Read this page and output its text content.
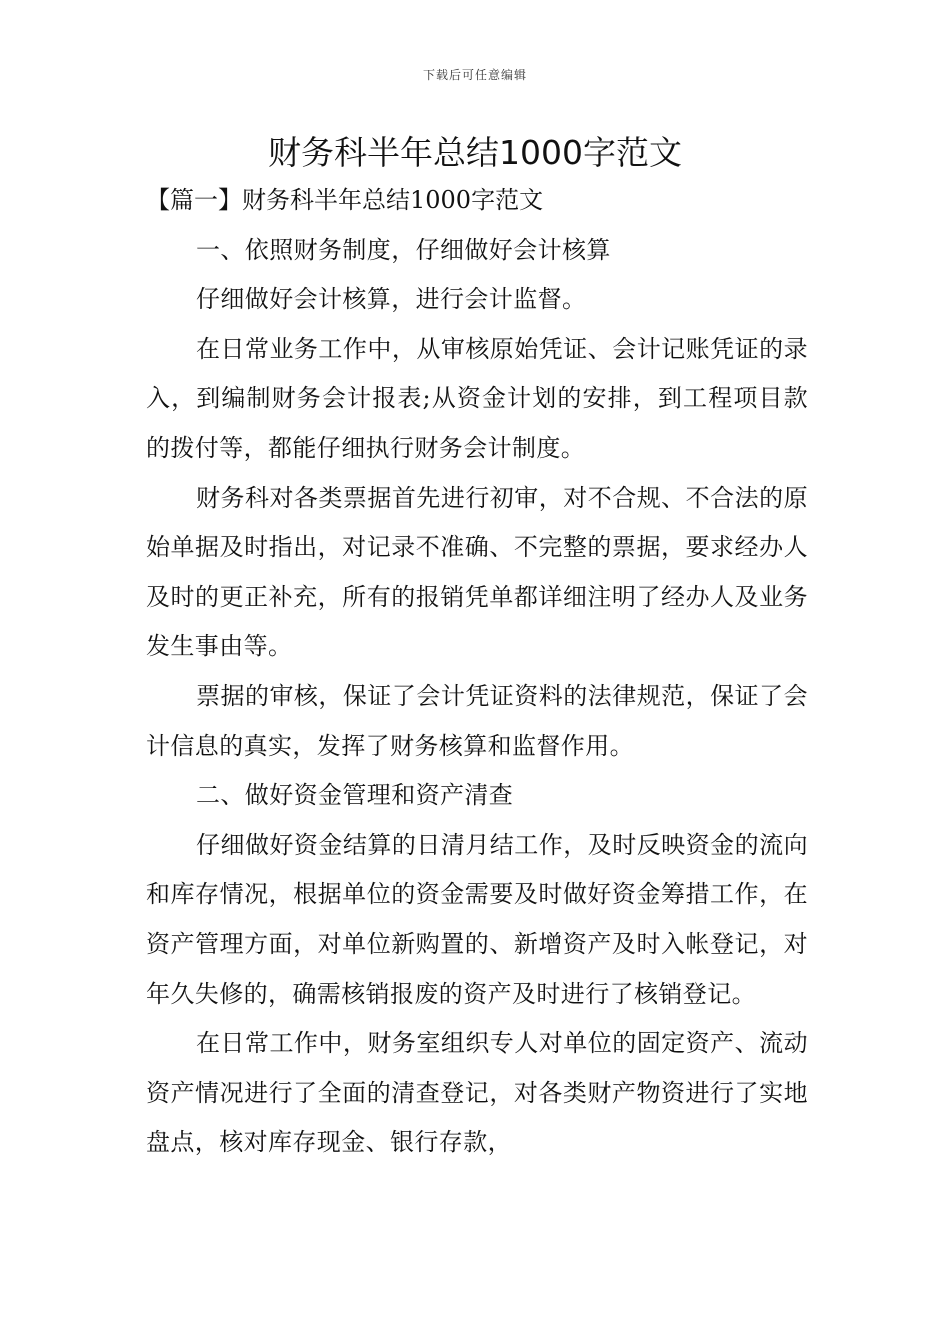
下载后可任意编辑
财务科半年总结1000字范文

【篇一】财务科半年总结1000字范文

一、依照财务制度，仔细做好会计核算

仔细做好会计核算，进行会计监督。

在日常业务工作中，从审核原始凭证、会计记账凭证的录入，到编制财务会计报表;从资金计划的安排，到工程项目款的拨付等，都能仔细执行财务会计制度。

财务科对各类票据首先进行初审，对不合规、不合法的原始单据及时指出，对记录不准确、不完整的票据，要求经办人及时的更正补充，所有的报销凭单都详细注明了经办人及业务发生事由等。

票据的审核，保证了会计凭证资料的法律规范，保证了会计信息的真实，发挥了财务核算和监督作用。

二、做好资金管理和资产清查

仔细做好资金结算的日清月结工作，及时反映资金的流向和库存情况，根据单位的资金需要及时做好资金筹措工作，在资产管理方面，对单位新购置的、新增资产及时入帐登记，对年久失修的，确需核销报废的资产及时进行了核销登记。

在日常工作中，财务室组织专人对单位的固定资产、流动资产情况进行了全面的清查登记，对各类财产物资进行了实地盘点，核对库存现金、银行存款，
